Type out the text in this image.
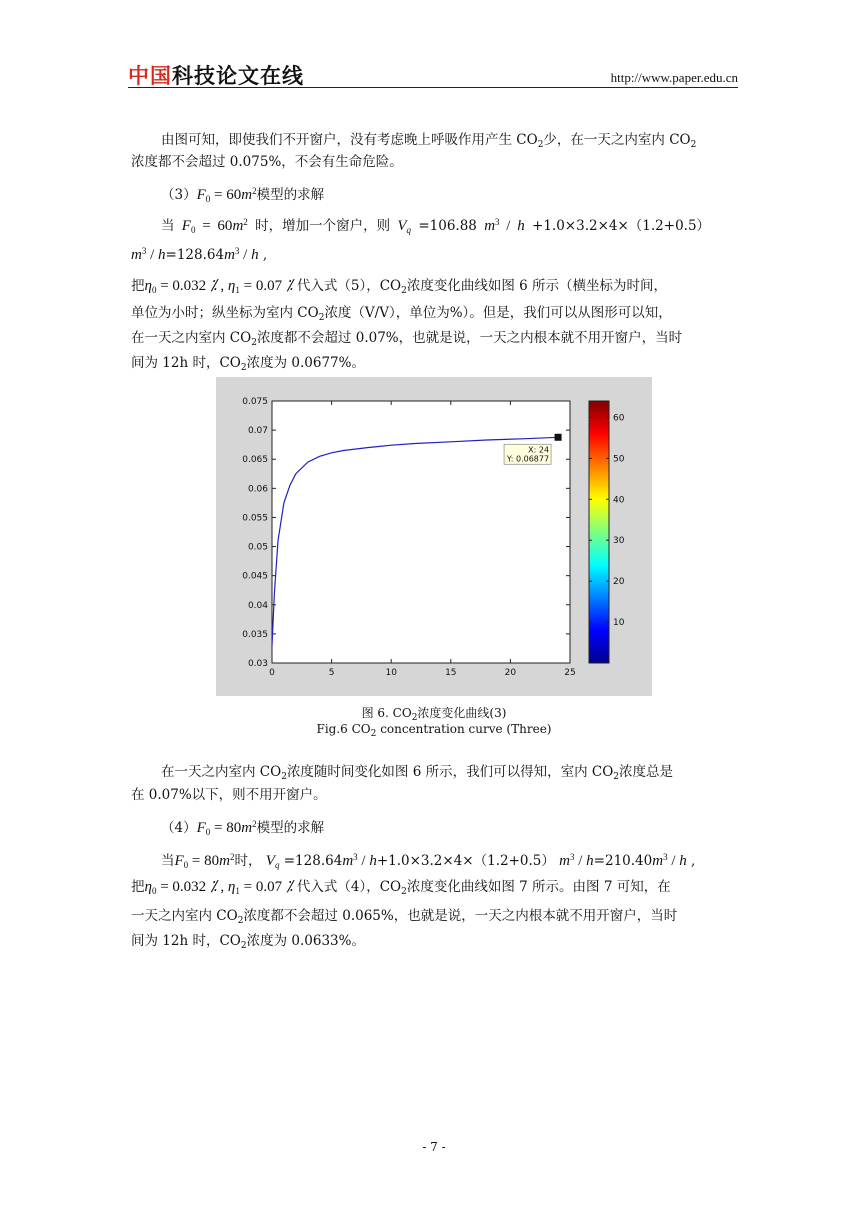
中国科技论文在线	http://www.paper.edu.cn
由图可知，即使我们不开窗户，没有考虑晚上呼吸作用产生 $CO_2$少，在一天之内室内 $CO_2$
浓度都不会超过 0.075%，不会有生命危险。
$(3)F_0 = 60m^2$模型的求解
当 $F_0 = 60m^2$ 时，增加一个窗户，则 $V_q =106.88$ $m^3 / h +1.0\times 3.2\times 4\times(1.2+0.5)$
$m^3 / h=128.64m^3 / h$ ,
把$\eta_0 = 0.032$ ⁒ , $\eta_1 = 0.07$ ⁒ 代入式（5），$CO_2$浓度变化曲线如图 6 所示（横坐标为时间，
单位为小时；纵坐标为室内 $CO_2$浓度（V/V），单位为%）。但是，我们可以从图形可以知，
在一天之内室内 $CO_2$浓度都不会超过 0.07%，也就是说，一天之内根本就不用开窗户，当时
间为 12h 时，$CO_2$浓度为 0.0677%。
0	5	10	15	20	25
0.03
0.035
0.04
0.045
0.05
0.055
0.06
0.065
0.07
0.075
X: 24
Y: 0.06877
10
20
30
40
50
60
图 6. $CO_2$浓度变化曲线(3)
Fig.6 $CO_2$ concentration curve (Three)
在一天之内室内 $CO_2$浓度随时间变化如图 6 所示，我们可以得知，室内 $CO_2$浓度总是
在 0.07%以下，则不用开窗户。
$(4)F_0 = 80m^2$模型的求解
当$F_0 = 80m^2$时， $V_q =128.64m^3 / h+1.0\times 3.2\times 4\times(1.2+0.5)$ $m^3 / h=210.40m^3 / h$ ,
把$\eta_0 = 0.032$ ⁒ , $\eta_1 = 0.07$ ⁒ 代入式（4），$CO_2$浓度变化曲线如图 7 所示。由图 7 可知，在
一天之内室内 $CO_2$浓度都不会超过 0.065%，也就是说，一天之内根本就不用开窗户，当时
间为 12h 时，$CO_2$浓度为 0.0633%。
- 7 -
